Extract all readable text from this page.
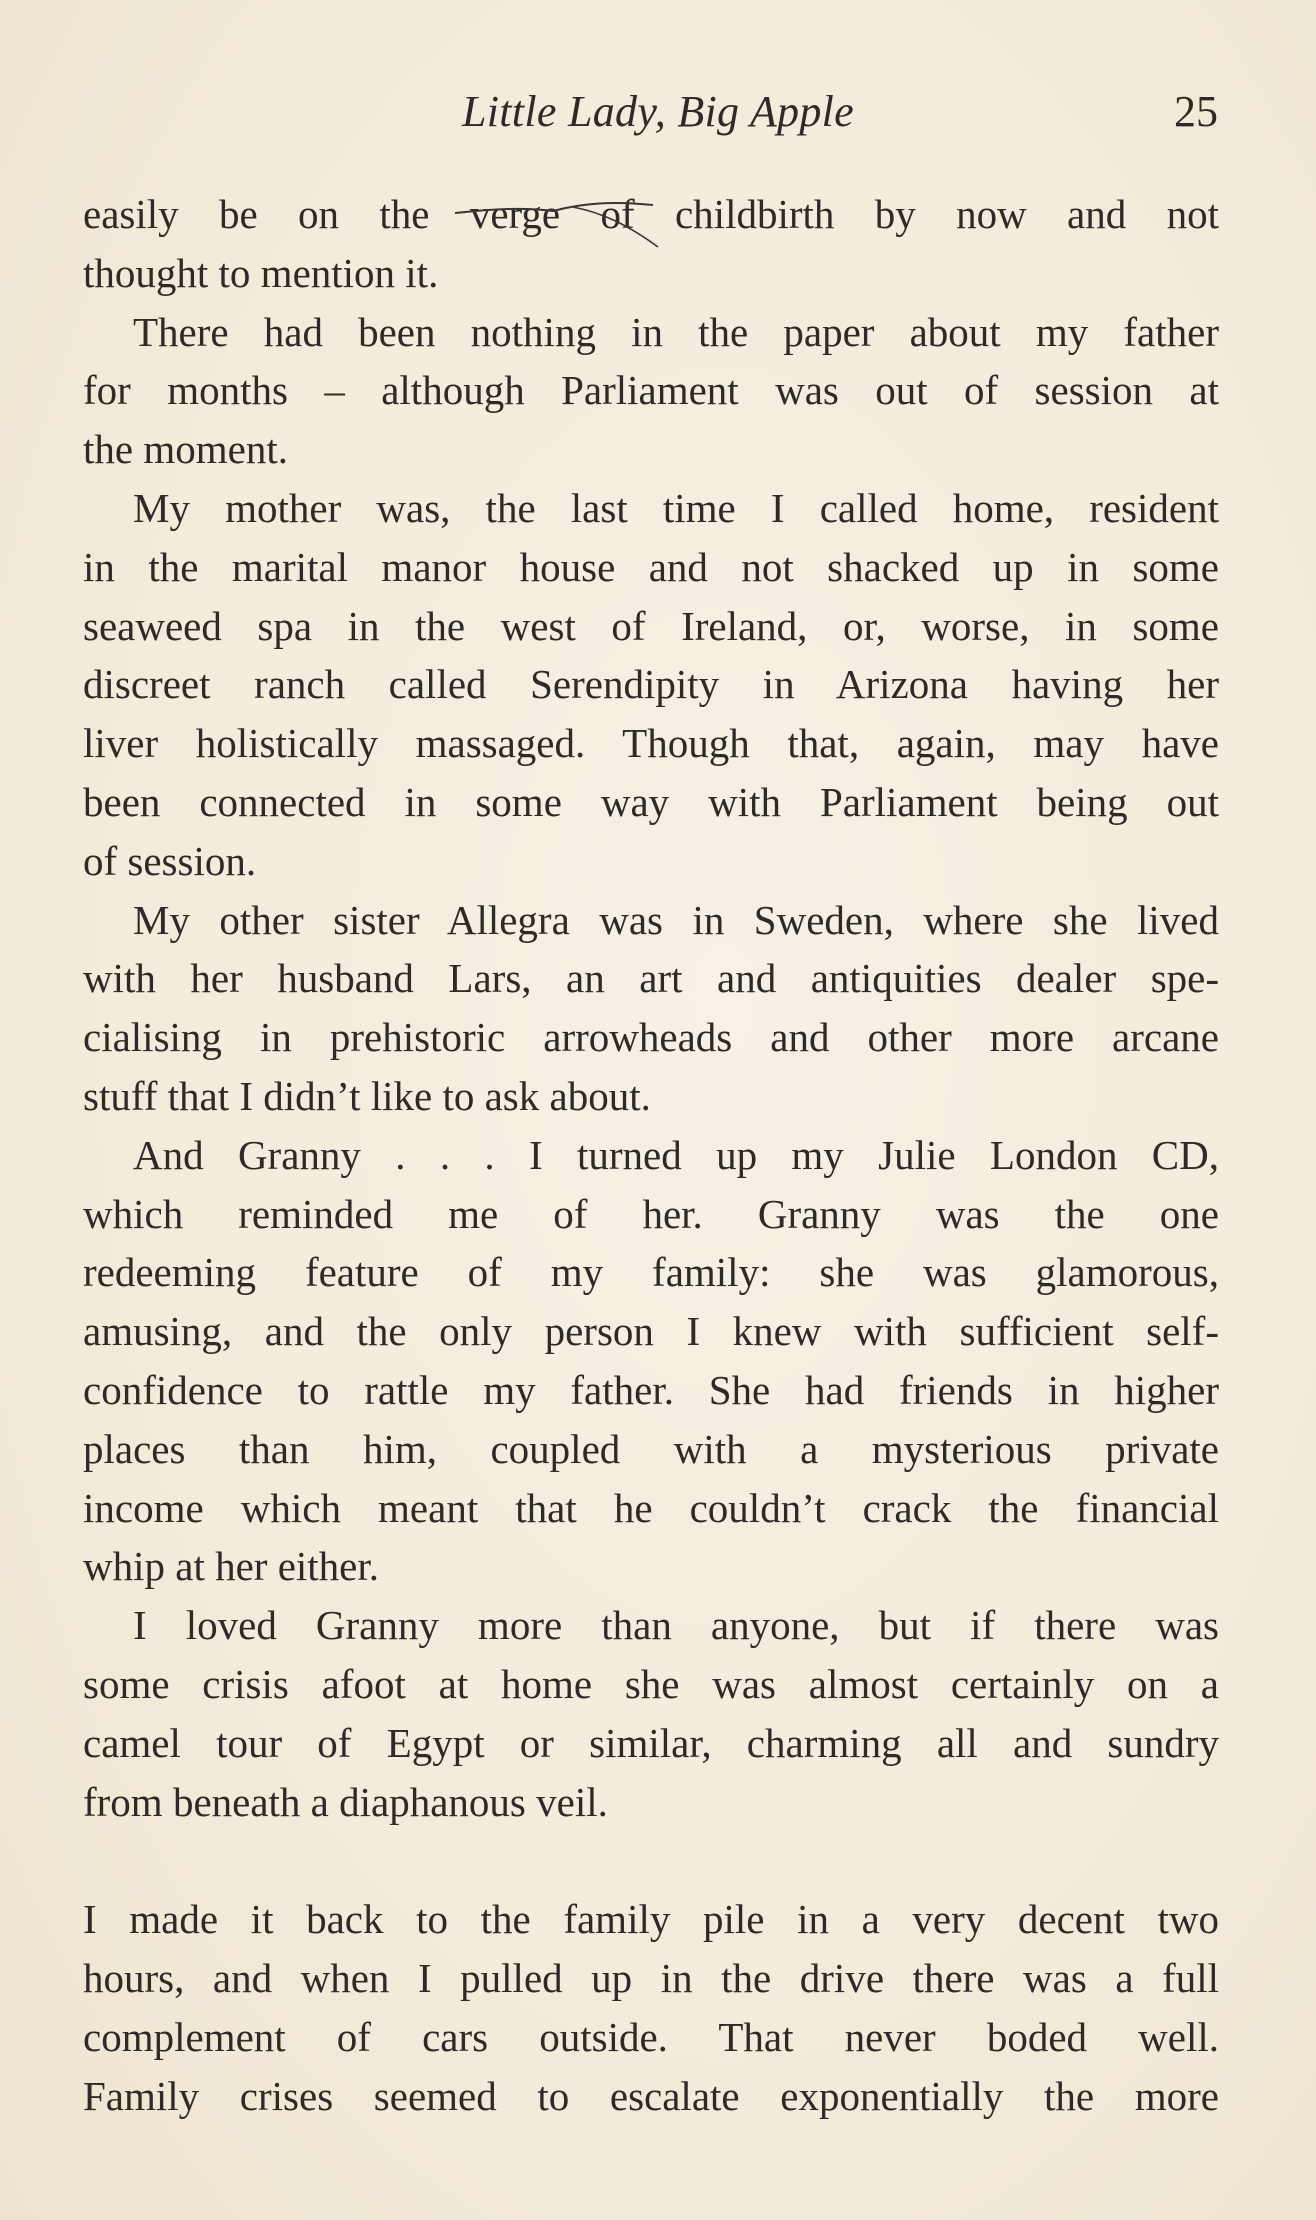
Little Lady, Big Apple	25
easily be on the verge of childbirth by now and not
thought to mention it.
There had been nothing in the paper about my father
for months – although Parliament was out of session at
the moment.
My mother was, the last time I called home, resident
in the marital manor house and not shacked up in some
seaweed spa in the west of Ireland, or, worse, in some
discreet ranch called Serendipity in Arizona having her
liver holistically massaged. Though that, again, may have
been connected in some way with Parliament being out
of session.
My other sister Allegra was in Sweden, where she lived
with her husband Lars, an art and antiquities dealer spe-
cialising in prehistoric arrowheads and other more arcane
stuff that I didn’t like to ask about.
And Granny . . . I turned up my Julie London CD,
which reminded me of her. Granny was the one
redeeming feature of my family: she was glamorous,
amusing, and the only person I knew with sufficient self-
confidence to rattle my father. She had friends in higher
places than him, coupled with a mysterious private
income which meant that he couldn’t crack the financial
whip at her either.
I loved Granny more than anyone, but if there was
some crisis afoot at home she was almost certainly on a
camel tour of Egypt or similar, charming all and sundry
from beneath a diaphanous veil.
I made it back to the family pile in a very decent two
hours, and when I pulled up in the drive there was a full
complement of cars outside. That never boded well.
Family crises seemed to escalate exponentially the more
